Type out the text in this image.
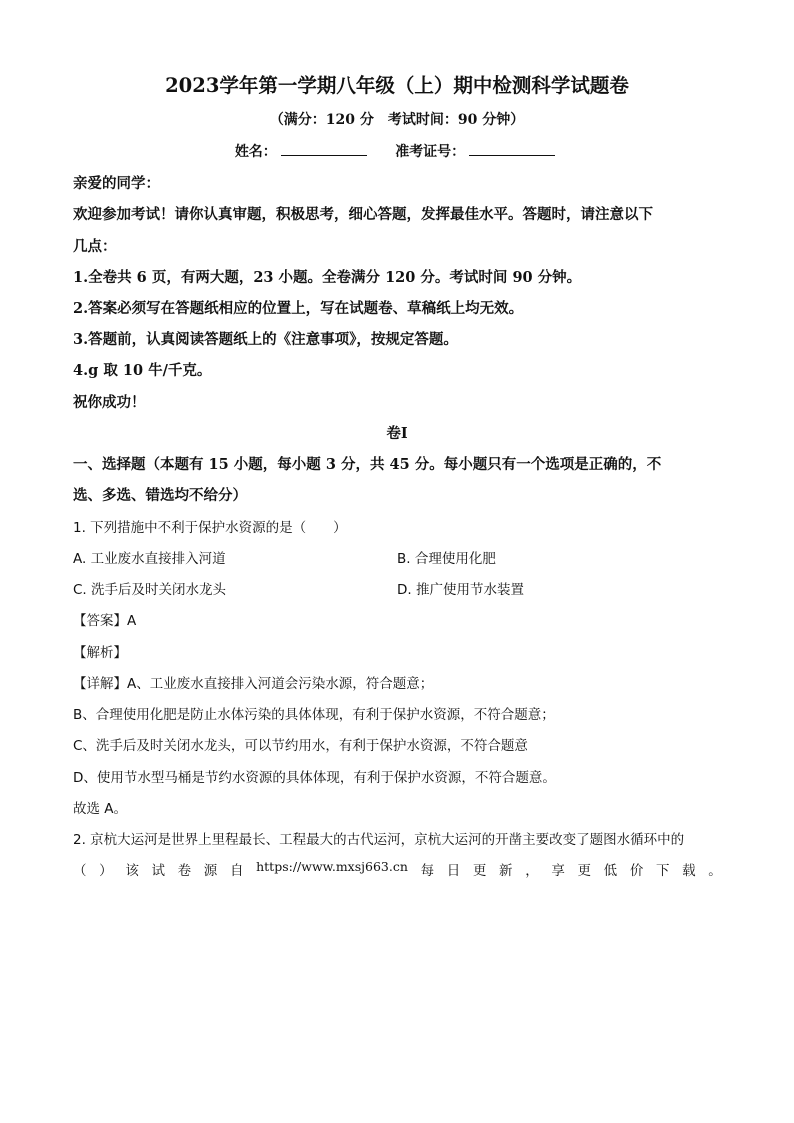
2023学年第一学期八年级（上）期中检测科学试题卷
（满分：120 分　考试时间：90 分钟）
姓名：	准考证号：
亲爱的同学：
欢迎参加考试！请你认真审题，积极思考，细心答题，发挥最佳水平。答题时，请注意以下
几点：
1.全卷共 6 页，有两大题，23 小题。全卷满分 120 分。考试时间 90 分钟。
2.答案必须写在答题纸相应的位置上，写在试题卷、草稿纸上均无效。
3.答题前，认真阅读答题纸上的《注意事项》，按规定答题。
4.g 取 10 牛/千克。
祝你成功！
卷Ⅰ
一、选择题（本题有 15 小题，每小题 3 分，共 45 分。每小题只有一个选项是正确的，不
选、多选、错选均不给分）
1. 下列措施中不利于保护水资源的是（　　）
A. 工业废水直接排入河道	B. 合理使用化肥
C. 洗手后及时关闭水龙头	D. 推广使用节水装置
【答案】A
【解析】
【详解】A、工业废水直接排入河道会污染水源，符合题意；
B、合理使用化肥是防止水体污染的具体体现，有利于保护水资源，不符合题意；
C、洗手后及时关闭水龙头，可以节约用水，有利于保护水资源，不符合题意
D、使用节水型马桶是节约水资源的具体体现，有利于保护水资源，不符合题意。
故选 A。
2. 京杭大运河是世界上里程最长、工程最大的古代运河，京杭大运河的开凿主要改变了题图水循环中的
（ ） 该 试 卷 源 自 https://www.mxsj663.cn 每 日 更 新 ， 享 更 低 价 下 载 。
